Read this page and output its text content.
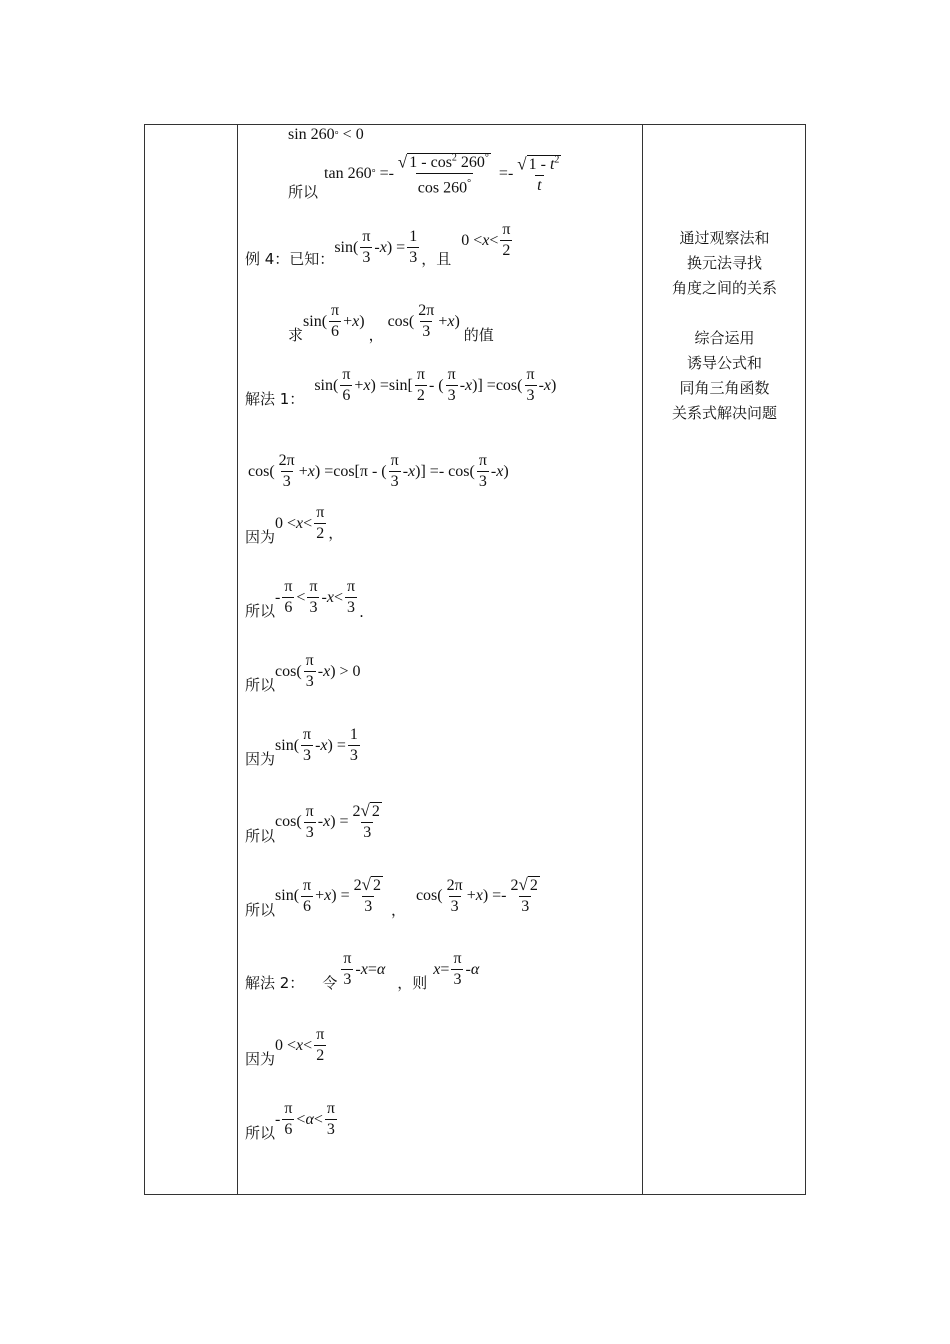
sin 260 ° < 0
所以
tan 260 ° =-
√ $1 - \cos^2 260^\circ$
cos 260°
=- √ $1 - t^2$
t
例 4：已知：
sin(
π
3
- x ) =
1
3 ，且
0 < x <
π
2
求
sin(
π
6
+ x )
，
cos(
2π
3
+ x )
的值
解法 1：
sin(
π
6
+ x ) =sin[
π
2
- (
π
3
- x )] =cos(
π
3
- x )
cos(
2π
3
+ x ) =cos[π - (
π
3
- x )] =- cos(
π
3
- x )
因为
0 < x <
π
2 ，
所以
-
π
6
<
π
3
- x <
π
3 .
所以
cos(
π
3
- x ) > 0
因为
sin(
π
3
- x ) =
1
3
所以
cos(
π
3
- x ) =
2√ 2
3
所以
sin(
π
6
+ x ) =
2√ 2
3 ，
cos(
2π
3
+ x ) =-
2√ 2
3
解法 2： 令
π
3
- x = α
，则
x =
π
3
- α
因为
0 < x <
π
2
所以
-
π
6
< α <
π
3

通过观察法和

换元法寻找

角度之间的关系

综合运用

诱导公式和

同角三角函数

关系式解决问题
